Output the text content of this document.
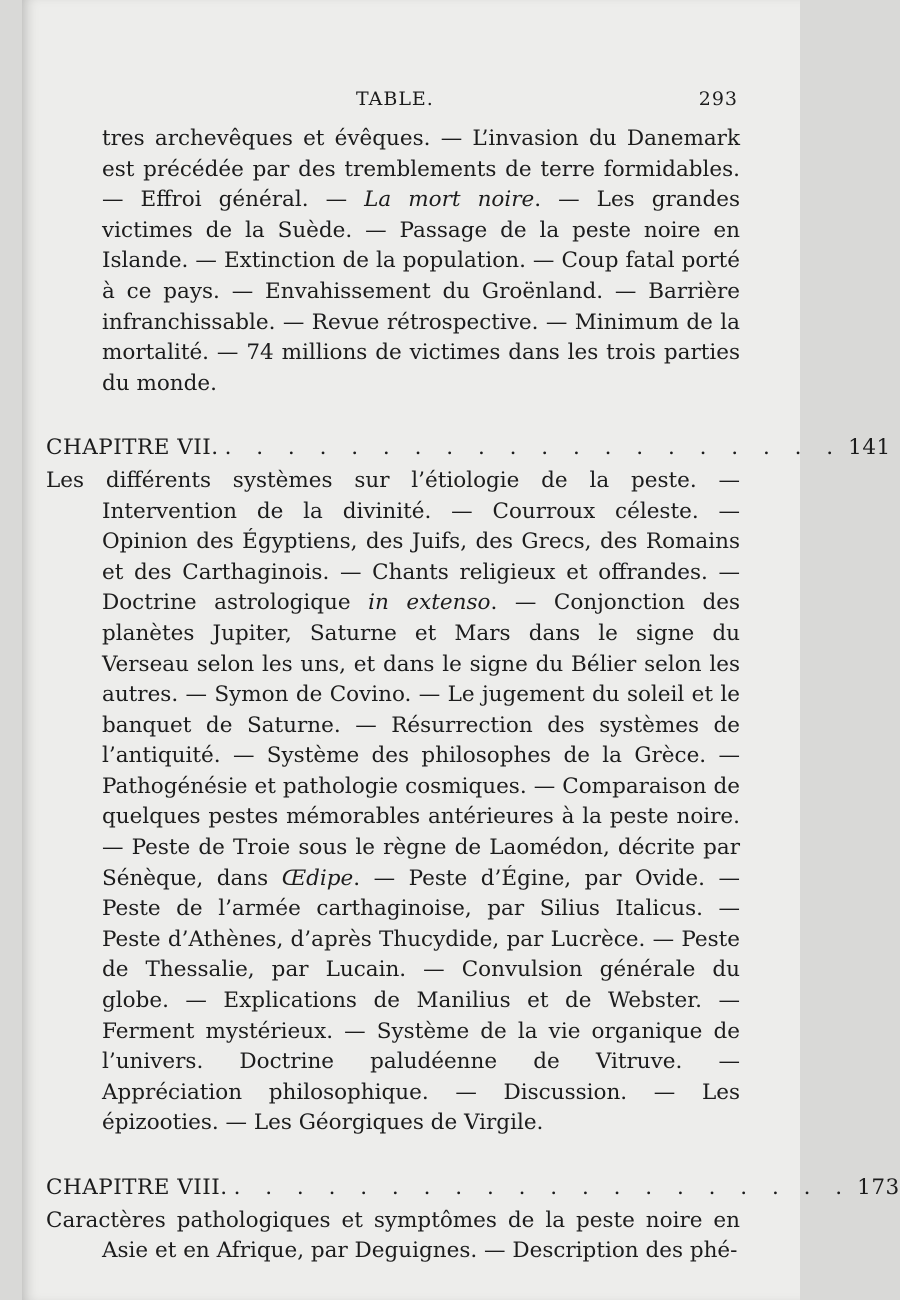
TABLE.	293

tres archevêques et évêques. — L’invasion du Danemark est précédée par des tremblements de terre formidables. — Effroi général. — La mort noire. — Les grandes victimes de la Suède. — Passage de la peste noire en Islande. — Extinction de la population. — Coup fatal porté à ce pays. — Envahissement du Groënland. — Barrière infranchissable. — Revue rétrospective. — Minimum de la mortalité. — 74 millions de victimes dans les trois parties du monde.

CHAPITRE VII. . . . . . . . . . . . . . . . . . . . . 141

Les différents systèmes sur l’étiologie de la peste. — Intervention de la divinité. — Courroux céleste. — Opinion des Égyptiens, des Juifs, des Grecs, des Romains et des Carthaginois. — Chants religieux et offrandes. — Doctrine astrologique in extenso. — Conjonction des planètes Jupiter, Saturne et Mars dans le signe du Verseau selon les uns, et dans le signe du Bélier selon les autres. — Symon de Covino. — Le jugement du soleil et le banquet de Saturne. — Résurrection des systèmes de l’antiquité. — Système des philosophes de la Grèce. — Pathogénésie et pathologie cosmiques. — Comparaison de quelques pestes mémorables antérieures à la peste noire. — Peste de Troie sous le règne de Laomédon, décrite par Sénèque, dans Œdipe. — Peste d’Égine, par Ovide. — Peste de l’armée carthaginoise, par Silius Italicus. — Peste d’Athènes, d’après Thucydide, par Lucrèce. — Peste de Thessalie, par Lucain. — Convulsion générale du globe. — Explications de Manilius et de Webster. — Ferment mystérieux. — Système de la vie organique de l’univers. Doctrine paludéenne de Vitruve. — Appréciation philosophique. — Discussion. — Les épizooties. — Les Géorgiques de Virgile.

CHAPITRE VIII. . . . . . . . . . . . . . . . . . . . . 173

Caractères pathologiques et symptômes de la peste noire en Asie et en Afrique, par Deguignes. — Description des phé-
